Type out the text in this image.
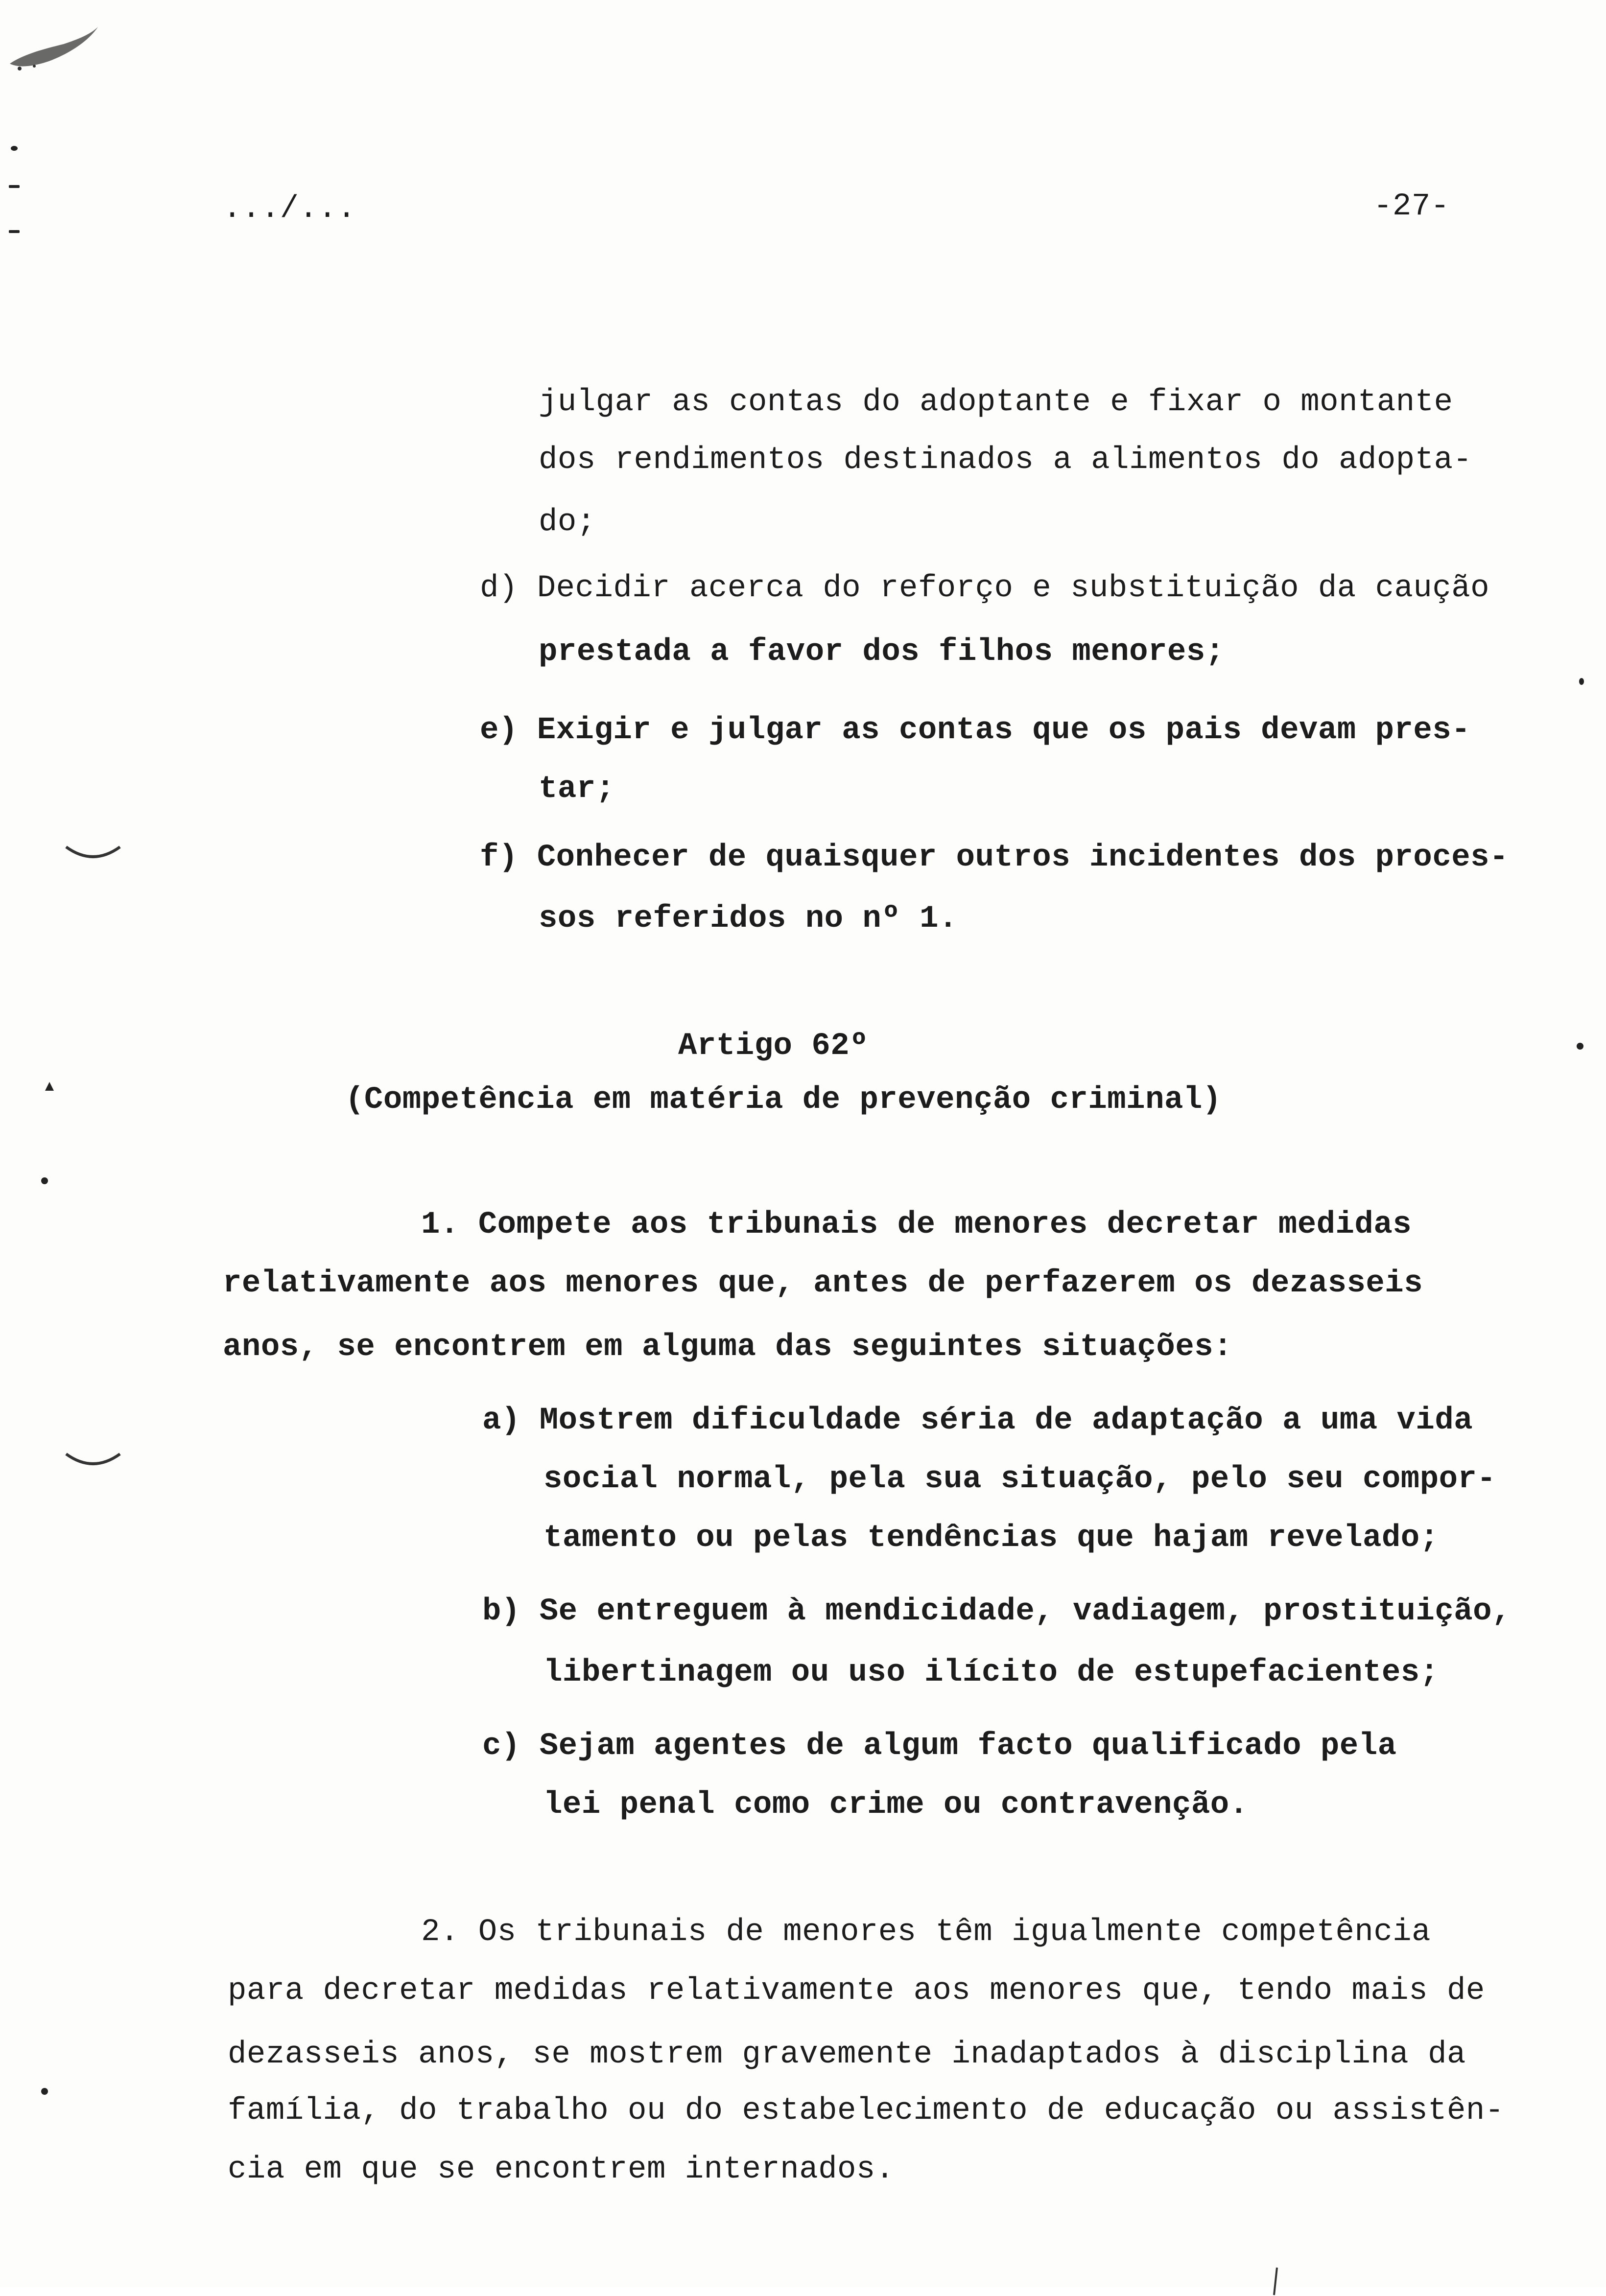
.../...	-27-
julgar as contas do adoptante e fixar o montante
dos rendimentos destinados a alimentos do adopta-
do;
d) Decidir acerca do reforço e substituição da caução
prestada a favor dos filhos menores;
e) Exigir e julgar as contas que os pais devam pres-
tar;
f) Conhecer de quaisquer outros incidentes dos proces-
sos referidos no nº 1.
Artigo 62º
(Competência em matéria de prevenção criminal)
1. Compete aos tribunais de menores decretar medidas
relativamente aos menores que, antes de perfazerem os dezasseis
anos, se encontrem em alguma das seguintes situações:
a) Mostrem dificuldade séria de adaptação a uma vida
social normal, pela sua situação, pelo seu compor-
tamento ou pelas tendências que hajam revelado;
b) Se entreguem à mendicidade, vadiagem, prostituição,
libertinagem ou uso ilícito de estupefacientes;
c) Sejam agentes de algum facto qualificado pela
lei penal como crime ou contravenção.
2. Os tribunais de menores têm igualmente competência
para decretar medidas relativamente aos menores que, tendo mais de
dezasseis anos, se mostrem gravemente inadaptados à disciplina da
família, do trabalho ou do estabelecimento de educação ou assistên-
cia em que se encontrem internados.
